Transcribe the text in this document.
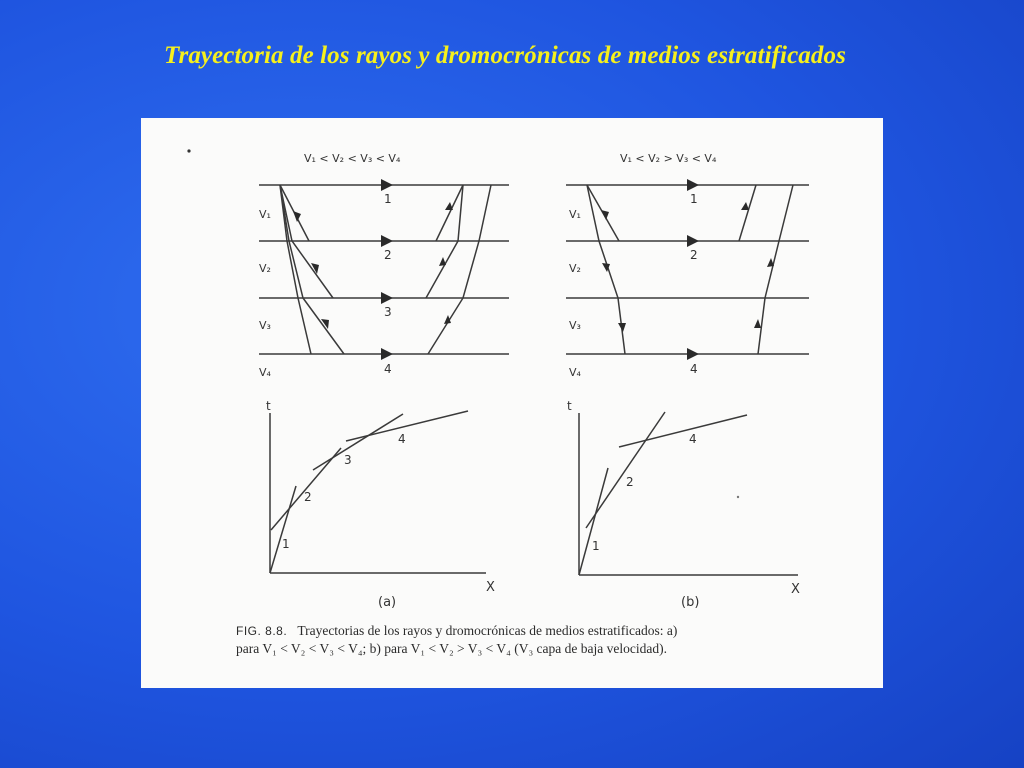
Trayectoria de los rayos y dromocrónicas de medios estratificados
V₁ < V₂ < V₃ < V₄	V₁ < V₂ > V₃ < V₄
V₁
V₂
V₃
V₄
V₁
V₂
V₃
V₄
1
2
3
4
1
2
4
t
X
1
2
3
4
(a)
t
X
1
2
4
(b)
FIG. 8.8. Trayectorias de los rayos y dromocrónicas de medios estratificados: a)
para V₁ < V₂ < V₃ < V₄; b) para V₁ < V₂ > V₃ < V₄ (V₃ capa de baja velocidad).
